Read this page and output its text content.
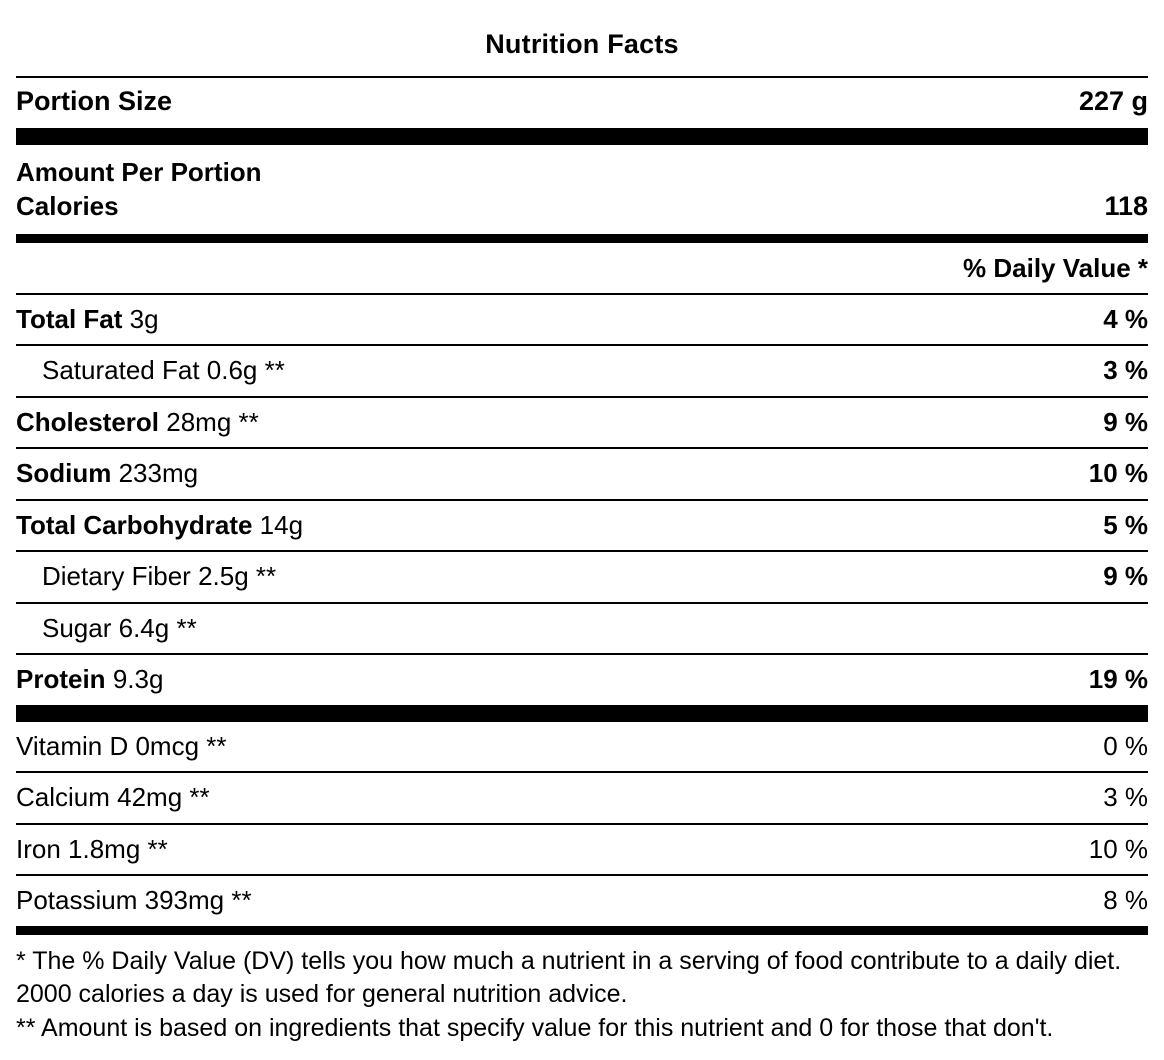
Nutrition Facts
Portion Size	227 g
Amount Per Portion
Calories	118
% Daily Value *
Total Fat 3g	4 %
Saturated Fat 0.6g **	3 %
Cholesterol 28mg **	9 %
Sodium 233mg	10 %
Total Carbohydrate 14g	5 %
Dietary Fiber 2.5g **	9 %
Sugar 6.4g **
Protein 9.3g	19 %
Vitamin D 0mcg **	0 %
Calcium 42mg **	3 %
Iron 1.8mg **	10 %
Potassium 393mg **	8 %

* The % Daily Value (DV) tells you how much a nutrient in a serving of food contribute to a daily diet. 2000 calories a day is used for general nutrition advice.

** Amount is based on ingredients that specify value for this nutrient and 0 for those that don't.
